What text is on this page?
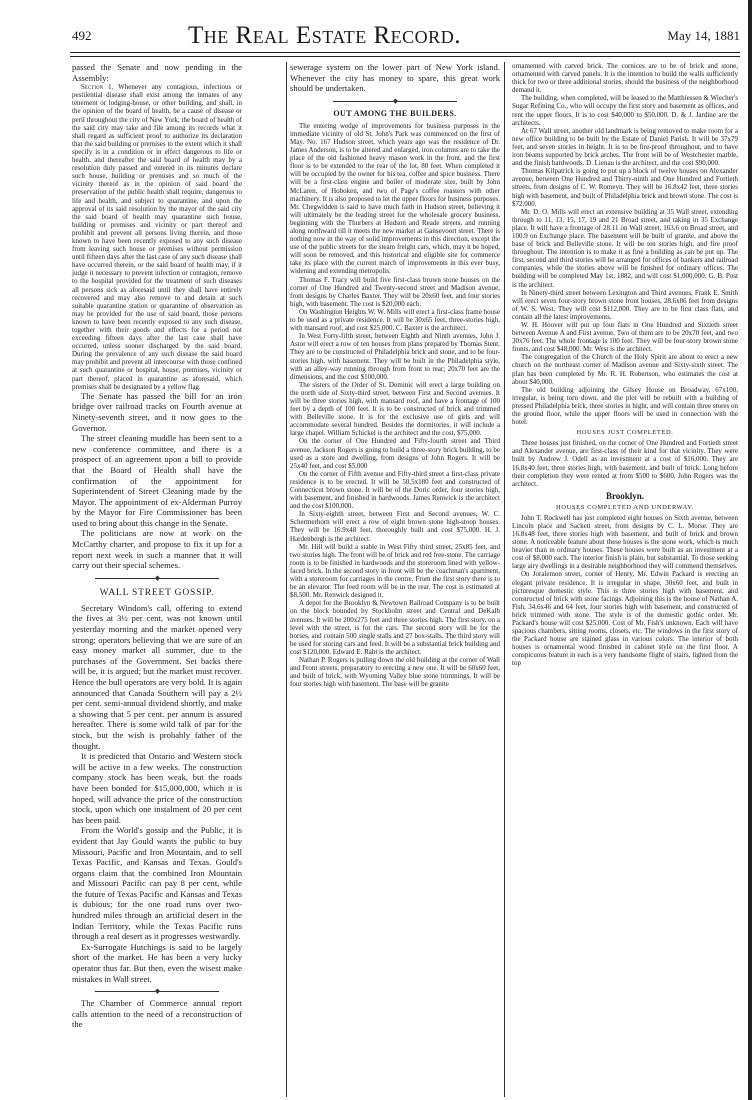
492	The Real Estate Record.	May 14, 1881

passed the Senate and now pending in the Assembly:

Section 1. Whenever any contagious, infectious or pestilential disease shall exist among the inmates of any tenement or lodging-house, or other building, and shall, in the opinion of the board of health, be a cause of disease or peril throughout the city of New York, the board of health of the said city may take and file among its records what it shall regard as sufficient proof to authorize its declaration that the said building or premises to the extent which it shall specify is in a condition or in effect dangerous to life or health, and thereafter the said board of health may by a resolution duly passed and entered in its minutes declare such house, building or premises and so much of the vicinity thereof as in the opinion of said board the preservation of the public health shall require, dangerous to life and health, and subject to quarantine, and upon the approval of its said resolution by the mayor of the said city the said board of health may quarantine such house, building or premises and vicinity or part thereof and prohibit and prevent all persons living therein, and those known to have been recently exposed to any such disease from leaving such house or premises without permission until fifteen days after the last case of any such disease shall have occurred therein, or the said board of health may, if it judge it necessary to prevent infection or contagion, remove to the hospital provided for the treatment of such diseases all persons sick as aforesaid until they shall have entirely recovered and may also remove to and detain at such suitable quarantine station or quarantine of observation as may be provided for the use of said board, those persons known to have been recently exposed to any such disease, together with their goods and effects for a period not exceeding fifteen days after the last case shall have occurred, unless sooner discharged by the said board. During the prevalence of any such disease the said board may prohibit and prevent all intercourse with those confined at such quarantine or hospital, house, premises, vicinity or part thereof, placed in quarantine as aforesaid, which premises shall be designated by a yellow flag.

The Senate has passed the bill for an iron bridge over railroad tracks on Fourth avenue at Ninety-seventh street, and it now goes to the Governor.

The street cleaning muddle has been sent to a new conference committee, and there is a prospect of an agreement upon a bill to provide that the Board of Health shall have the confirmation of the appointment for Superintendent of Street Cleaning made by the Mayor. The appointment of ex-Alderman Purroy by the Mayor for Fire Commissioner has been used to bring about this change in the Senate.

The politicians are now at work on the McCarthy charter, and propose to fix it up for a report next week in such a manner that it will carry out their special schemes.

◆
WALL STREET GOSSIP.

Secretary Windom's call, offering to extend the fives at 3½ per cent, was not known until yesterday morning and the market opened very strong; operators believing that we are sure of an easy money market all summer, due to the purchases of the Government. Set backs there will be, it is argued; but the market must recover. Hence the bull operators are very bold. It is again announced that Canada Southern will pay a 2½ per cent. semi-annual dividend shortly, and make a showing that 5 per cent. per annum is assured hereafter. There is some wild talk of par for the stock, but the wish is probably father of the thought.

It is predicted that Ontario and Western stock will be active in a few weeks. The construction company stock has been weak, but the roads have been bonded for $15,000,000, which it is hoped, will advance the price of the construction stock, upon which one instalment of 20 per cent has been paid.

From the World's gossip and the Public, it is evident that Jay Gould wants the public to buy Missouri, Pacific and Iron Mountain, and to sell Texas Pacific, and Kansas and Texas. Gould's organs claim that the combined Iron Mountain and Missouri Pacific can pay 8 per cent, while the future of Texas Pacific and Kansas and Texas is dubious; for the one road runs over two-hundred miles through an artificial desert in the Indian Territory, while the Texas Pacific runs through a real desert as it progresses westwardly.

Ex-Surrogate Hutchings is said to be largely short of the market. He has been a very lucky operator thus far. But then, even the wisest make mistakes in Wall street.

◆

The Chamber of Commerce annual report calls attention to the need of a reconstruction of the

sewerage system on the lower part of New York island. Whenever the city has money to spare, this great work should be undertaken.

◆
OUT AMONG THE BUILDERS.

The entering wedge of improvements for business purposes in the immediate vicinity of old St. John's Park was commenced on the first of May. No. 167 Hudson street, which years ago was the residence of Dr. James Anderson, is to be altered and enlarged, iron columns are to take the place of the old fashioned heavy mason work in the front, and the first floor is to be extended to the rear of the lot, 80 feet. When completed it will be occupied by the owner for his tea, coffee and spice business. There will be a first-class engine and boiler of moderate size, built by John McLaren, of Hoboken, and two of Page's coffee roasters with other machinery. It is also proposed to let the upper floors for business purposes. Mr. Chegwidden is said to have much faith in Hudson street, believing it will ultimately be the leading street for the wholesale grocery business, beginning with the Thurbers at Hudson and Reade streets, and running along northward till it meets the new market at Gansevoort street. There is nothing now in the way of solid improvements in this direction, except the use of the public streets for the steam freight cars, which, may it be hoped, will soon be removed, and this historical and eligible site for commerce take its place with the current march of improvements in this ever busy, widening and extending metropolis.

Thomas F. Tracy will build five first-class brown stone houses on the corner of One Hundred and Twenty-second street and Madison avenue, from designs by Charles Baxter. They will be 20x60 feet, and four stories high, with basement. The cost is $20,000 each.

On Washington Heights W. W. Mills will erect a first-class frame house to be used as a private residence. It will be 30x65 feet, three-stories high, with mansard roof, and cost $25,000. C. Baxter is the architect.

In West Forty-fifth street, between Eighth and Ninth avenues, John J. Astor will erect a row of ten houses from plans prepared by Thomas Stent. They are to be constructed of Philadelphia brick and stone, and to be four-stories high, with basement. They will be built in the Philadelphia style, with an alley-way running through from front to rear; 20x70 feet are the dimensions, and the cost $100,000.

The sisters of the Order of St. Dominic will erect a large building on the north side of Sixty-third street, between First and Second avenues. It will be three stories high, with mansard roof, and have a frontage of 100 feet by a depth of 100 feet. It is to be constructed of brick and trimmed with Belleville stone. It is for the exclusive use of girls and will accommodate several hundred. Besides the dormitories, it will include a large chapel. William Schickel is the architect and the cost, $75,000.

On the corner of One Hundred and Fifty-fourth street and Third avenue, Jackson Rogers is going to build a three-story brick building, to be used as a store and dwelling, from designs of John Rogers. It will be 25x40 feet, and cost $5,000

On the corner of Fifth avenue and Fifty-third street a first-class private residence is to be erected. It will be 50.5x180 feet and constructed of Connecticut brown stone. It will be of the Doric order, four stories high, with basement, and finished in hardwoods. James Renwick is the architect and the cost $100,000.

In Sixty-eighth street, between First and Second avenues, W. C. Schermerhorn will erect a row of eight brown stone high-stoop houses. They will be 16.9x48 feet, thoroughly built and cost $75,000. H. J. Hardenbergh is the architect.

Mr. Hill will build a stable in West Fifty third street, 25x85 feet, and two stories high. The front will be of brick and red free-stone. The carriage room is to be finished in hardwoods and the storeroom lined with yellow-faced brick. In the second story in front will be the coachman's apartment, with a storeroom for carriages in the centre. From the first story there is to be an elevator. The feed room will be in the rear. The cost is estimated at $8,500. Mr. Renwick designed it.

A depot for the Brooklyn & Newtown Railroad Company is to be built on the block bounded by Stockholm street and Central and DeKalb avenues. It will be 200x275 feet and three stories high. The first story, on a level with the street, is for the cars. The second story will be for the horses, and contain 500 single stalls and 27 box-stalls. The third story will be used for storing cars and feed. It will be a substantial brick building and cost $120,000. Edward E. Raht is the architect.

Nathan P. Rogers is pulling down the old building at the corner of Wall and Front streets, preparatory to erecting a new one. It will be 60x60 feet, and built of brick, with Wyoming Valley blue stone trimmings. It will be four stories high with basement. The base will be granite

ornamented with carved brick. The cornices are to be of brick and stone, ornamented with carved panels. It is the intention to build the walls sufficiently thick for two or three additional stories, should the business of the neighborhood demand it.

The building, when completed, will be leased to the Matthiessen & Wiecher's Sugar Refining Co., who will occupy the first story and basement as offices, and rent the upper floors. It is to cost $40,000 to $50,000. D. & J. Jardine are the architects.

At 67 Wall street, another old landmark is being removed to make room for a new office building to be built by the Estate of Daniel Parish. It will be 37x79 feet, and seven stories in height. It is to be fire-proof throughout, and to have iron beams supported by brick arches. The front will be of Westchester marble, and the finish hardwoods. D. Lienau is the architect, and the cost $90,000.

Thomas Kilpatrick is going to put up a block of twelve houses on Alexander avenue, between One Hundred and Thirty-ninth and One Hundred and Fortieth streets, from designs of C. W. Romeyn. They will be 16.8x42 feet, three stories high with basement, and built of Philadelphia brick and brown stone. The cost is $72,000.

Mr. D. O. Mills will erect an extensive building at 35 Wall street, extending through to 11, 13, 15, 17, 19 and 21 Broad street, and taking in 35 Exchange place. It will have a frontage of 28.11 on Wall street, 163.6 on Broad street, and 100.9 on Exchange place. The basement will be built of granite, and above the base of brick and Belleville stone. It will be ten stories high, and fire proof throughout. The intention is to make it as fine a building as can be put up. The first, second and third stories will be arranged for offices of bankers and railroad companies, while the stories above will be finished for ordinary offices. The building will be completed May 1st, 1882, and will cost $1,000,000. G. B. Post is the architect.

In Ninety-third street between Lexington and Third avenues, Frank E. Smith will erect seven four-story brown stone front houses, 28.6x86 feet from designs of W. S. West. They will cost $112,000. They are to be first class flats, and contain all the latest improvements.

W. H. Hoover will put up four flats in One Hundred and Sixtieth street between Avenue A and First avenue. Two of them are to be 20x70 feet, and two 30x76 feet. The whole frontage is 100 feet. They will be four-story brown stone fronts, and cost $48,000. Mr. West is the architect.

The congregation of the Church of the Holy Spirit are about to erect a new church on the northeast corner of Madison avenue and Sixty-sixth street. The plan has been completed by Mr. R. H. Robertson, who estimates the cost at about $40,000.

The old building adjoining the Gilsey House on Broadway, 67x100, irregular, is being torn down, and the plot will be rebuilt with a building of pressed Philadelphia brick, three stories in hight, and will contain three stores on the ground floor, while the upper floors will be used in connection with the hotel.

HOUSES JUST COMPLETED.

Three houses just finished, on the corner of One Hundred and Fortieth street and Alexander avenue, are first-class of their kind for that vicinity. They were built by Andrew J. Odell as an investment at a cost of $16,000. They are 16.8x40 feet, three stories high, with basement, and built of brick. Long before their completion they were rented at from $500 to $600. John Rogers was the architect.

Brooklyn.
HOUSES COMPLETED AND UNDERWAY.

John T. Rockwell has just completed eight houses on Sixth avenue, between Lincoln place and Sackett street, from designs by C. L. Morse. They are 16.8x48 feet, three stories high with basement, and built of brick and brown stone. A noticeable feature about these houses is the stone work, which is much heavier than in ordinary houses. These houses were built as an investment at a cost of $8,000 each. The interior finish is plain, but substantial. To those seeking large airy dwellings in a desirable neighborhood they will commend themselves.

On Joralemon street, corner of Henry, Mr. Edwin Packard is erecting an elegant private residence. It is irregular in shape, 30x60 feet, and built in picturesque domestic style. This is three stories high with basement, and constructed of brick with stone facings. Adjoining this is the house of Nathan A. Fish, 34.6x46 and 64 feet, four stories high with basement, and constructed of brick trimmed with stone. The style is of the domestic gothic order. Mr. Packard's house will cost $25,000. Cost of Mr. Fish's unknown. Each will have spacious chambers, sitting rooms, closets, etc. The windows in the first story of the Packard house are stained glass in various colors. The interior of both houses is ornamental wood finished in cabinet style on the first floor. A conspicuous feature in each is a very handsome flight of stairs, lighted from the top
